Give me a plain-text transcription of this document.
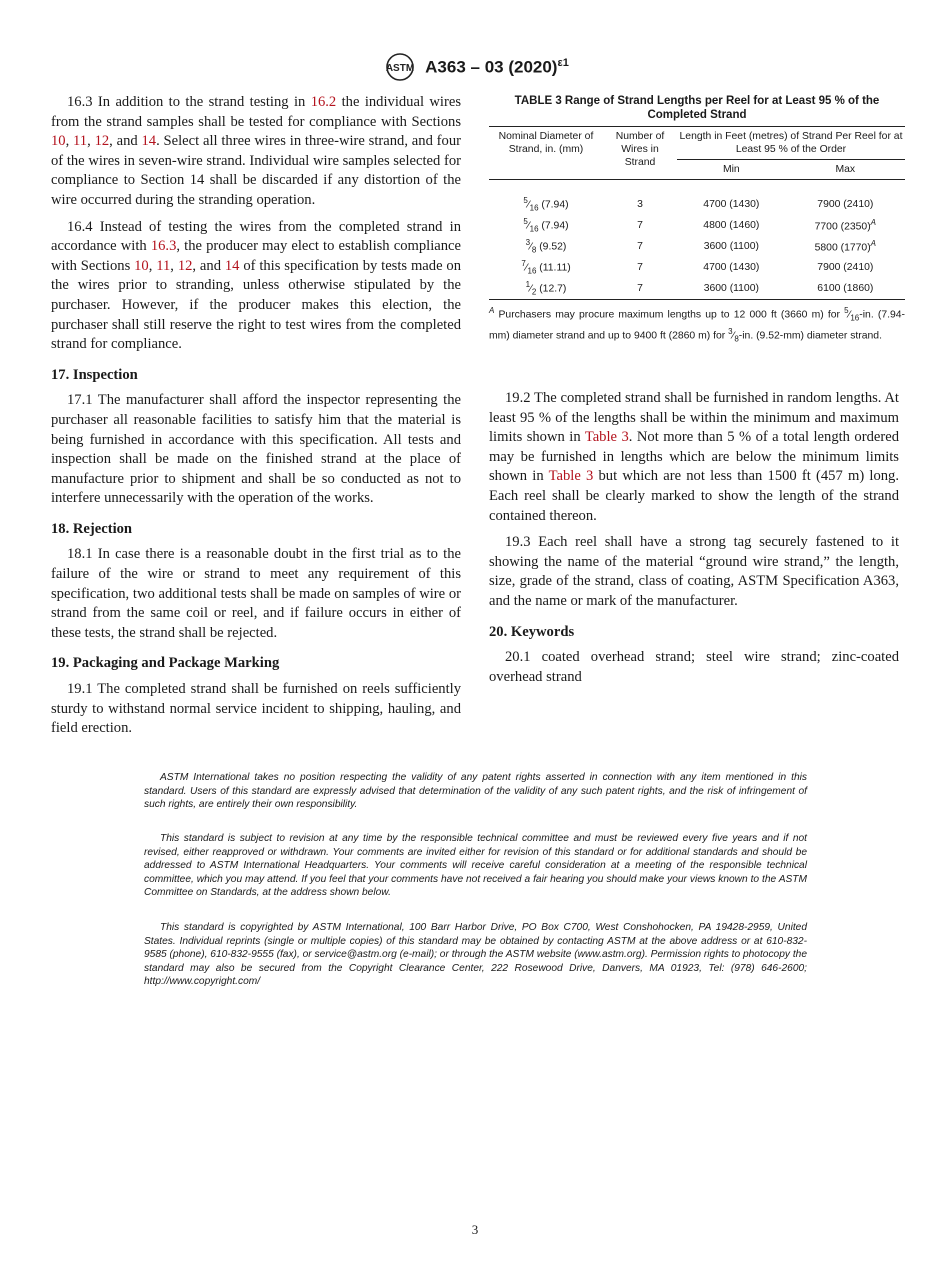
ASTM A363 – 03 $(2020)^{\varepsilon 1}$

16.3 In addition to the strand testing in 16.2 the individual wires from the strand samples shall be tested for compliance with Sections 10, 11, 12, and 14. Select all three wires in three-wire strand, and four of the wires in seven-wire strand. Individual wire samples selected for compliance to Section 14 shall be discarded if any distortion of the wire occurred during the stranding operation.

16.4 Instead of testing the wires from the completed strand in accordance with 16.3, the producer may elect to establish compliance with Sections 10, 11, 12, and 14 of this specification by tests made on the wires prior to stranding, unless otherwise stipulated by the purchaser. However, if the producer makes this election, the purchaser shall still reserve the right to test wires from the completed strand for compliance.

17. Inspection

17.1 The manufacturer shall afford the inspector representing the purchaser all reasonable facilities to satisfy him that the material is being furnished in accordance with this specification. All tests and inspection shall be made on the finished strand at the place of manufacture prior to shipment and shall be so conducted as not to interfere unnecessarily with the operation of the works.

18. Rejection

18.1 In case there is a reasonable doubt in the first trial as to the failure of the wire or strand to meet any requirement of this specification, two additional tests shall be made on samples of wire or strand from the same coil or reel, and if failure occurs in either of these tests, the strand shall be rejected.

19. Packaging and Package Marking

19.1 The completed strand shall be furnished on reels sufficiently sturdy to withstand normal service incident to shipping, hauling, and field erection.

TABLE 3 Range of Strand Lengths per Reel for at Least 95 % of the Completed Strand
Nominal Diameter of Strand, in. (mm)	Number of Wires in Strand	Length in Feet (metres) of Strand Per Reel for at Least 95 % of the Order	
		Min	Max

$^5⁄_{16}$ (7.94)	3	4700 (1430)	7900 (2410)
$^5⁄_{16}$ (7.94)	7	4800 (1460)	7700 $(2350)^A$
$^3⁄_8$ (9.52)	7	3600 (1100)	5800 $(1770)^A$
$^7⁄_{16}$ (11.11)	7	4700 (1430)	7900 (2410)
$^1⁄_2$ (12.7)	7	3600 (1100)	6100 (1860)
$^A$ Purchasers may procure maximum lengths up to 12 000 ft (3660 m) for $^5⁄_{16}-in$. (7.94-mm) diameter strand and up to 9400 ft (2860 m) for $^3⁄_8-in$. (9.52-mm) diameter strand.

19.2 The completed strand shall be furnished in random lengths. At least 95 % of the lengths shall be within the minimum and maximum limits shown in Table 3. Not more than 5 % of a total length ordered may be furnished in lengths which are below the minimum limits shown in Table 3 but which are not less than 1500 ft (457 m) long. Each reel shall be clearly marked to show the length of the strand contained thereon.

19.3 Each reel shall have a strong tag securely fastened to it showing the name of the material “ground wire strand,” the length, size, grade of the strand, class of coating, ASTM Specification A363, and the name or mark of the manufacturer.

20. Keywords

20.1 coated overhead strand; steel wire strand; zinc-coated overhead strand

ASTM International takes no position respecting the validity of any patent rights asserted in connection with any item mentioned in this standard. Users of this standard are expressly advised that determination of the validity of any such patent rights, and the risk of infringement of such rights, are entirely their own responsibility.

This standard is subject to revision at any time by the responsible technical committee and must be reviewed every five years and if not revised, either reapproved or withdrawn. Your comments are invited either for revision of this standard or for additional standards and should be addressed to ASTM International Headquarters. Your comments will receive careful consideration at a meeting of the responsible technical committee, which you may attend. If you feel that your comments have not received a fair hearing you should make your views known to the ASTM Committee on Standards, at the address shown below.

This standard is copyrighted by ASTM International, 100 Barr Harbor Drive, PO Box C700, West Conshohocken, PA 19428-2959, United States. Individual reprints (single or multiple copies) of this standard may be obtained by contacting ASTM at the above address or at 610-832-9585 (phone), 610-832-9555 (fax), or service@astm.org (e-mail); or through the ASTM website (www.astm.org). Permission rights to photocopy the standard may also be secured from the Copyright Clearance Center, 222 Rosewood Drive, Danvers, MA 01923, Tel: (978) 646-2600; http://www.copyright.com/

3
